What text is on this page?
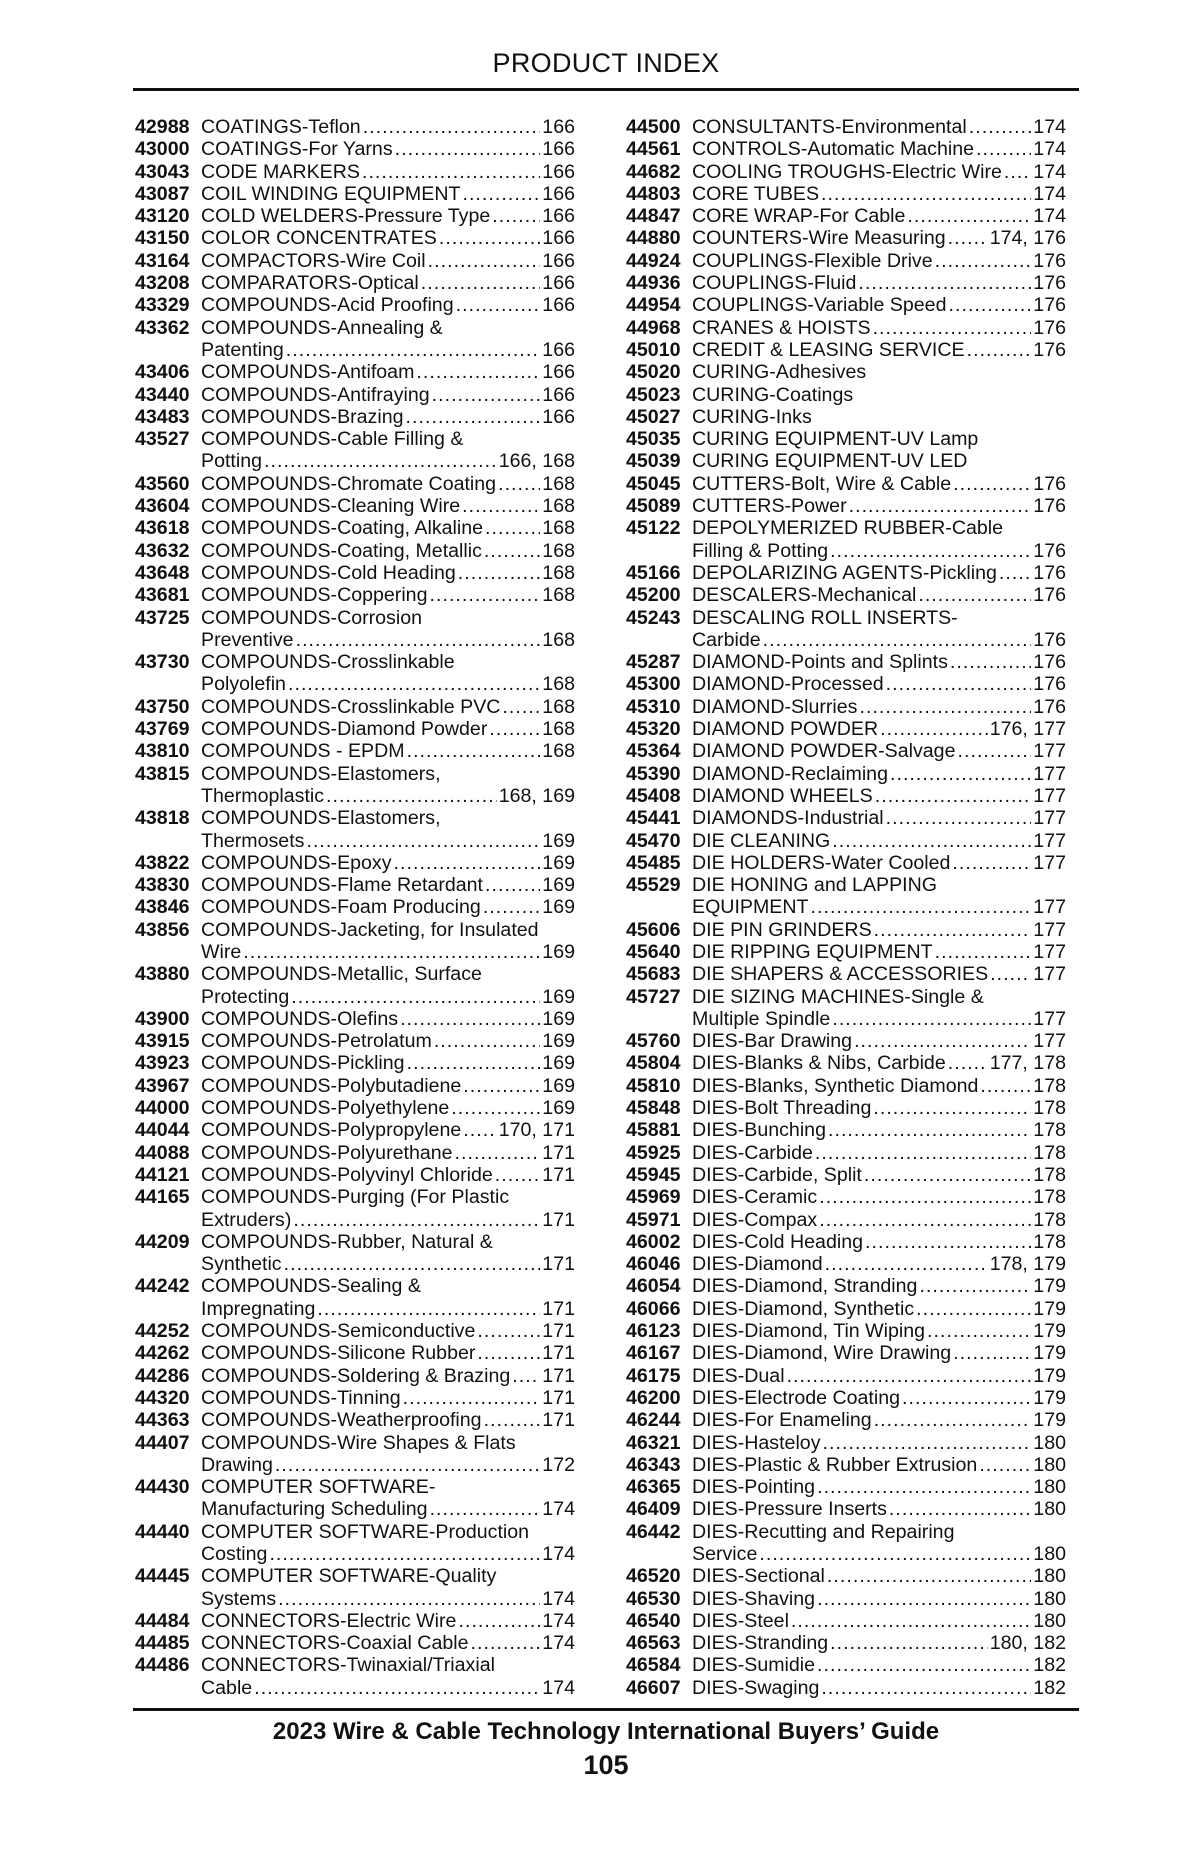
PRODUCT INDEX
42988 COATINGS-Teflon . . .	166
43000 COATINGS-For Yarns . . .	166
43043 CODE MARKERS . . .	166
43087 COIL WINDING EQUIPMENT . . .	166
43120 COLD WELDERS-Pressure Type . . .	166
43150 COLOR CONCENTRATES . . .	166
43164 COMPACTORS-Wire Coil . . .	166
43208 COMPARATORS-Optical . . .	166
43329 COMPOUNDS-Acid Proofing . . .	166
43362 COMPOUNDS-Annealing &
Patenting . . .	166
43406 COMPOUNDS-Antifoam . . .	166
43440 COMPOUNDS-Antifraying . . .	166
43483 COMPOUNDS-Brazing . . .	166
43527 COMPOUNDS-Cable Filling &
Potting . . .	166, 168
43560 COMPOUNDS-Chromate Coating . . . 168
43604 COMPOUNDS-Cleaning Wire . . .	168
43618 COMPOUNDS-Coating, Alkaline . . .	168
43632 COMPOUNDS-Coating, Metallic . . .	168
43648 COMPOUNDS-Cold Heading . . .	168
43681 COMPOUNDS-Coppering . . .	168
43725 COMPOUNDS-Corrosion
Preventive . . .	168
43730 COMPOUNDS-Crosslinkable
Polyolefin . . .	168
43750 COMPOUNDS-Crosslinkable PVC . . . 168
43769 COMPOUNDS-Diamond Powder . . .	168
43810 COMPOUNDS - EPDM . . .	168
43815 COMPOUNDS-Elastomers,
Thermoplastic . . .	168, 169
43818 COMPOUNDS-Elastomers,
Thermosets . . .	169
43822 COMPOUNDS-Epoxy . . .	169
43830 COMPOUNDS-Flame Retardant . . .	169
43846 COMPOUNDS-Foam Producing . . .	169
43856 COMPOUNDS-Jacketing, for Insulated
Wire . . .	169
43880 COMPOUNDS-Metallic, Surface
Protecting . . .	169
43900 COMPOUNDS-Olefins . . .	169
43915 COMPOUNDS-Petrolatum . . .	169
43923 COMPOUNDS-Pickling . . .	169
43967 COMPOUNDS-Polybutadiene . . .	169
44000 COMPOUNDS-Polyethylene . . .	169
44044 COMPOUNDS-Polypropylene . . . 170, 171
44088 COMPOUNDS-Polyurethane . . .	171
44121 COMPOUNDS-Polyvinyl Chloride . . .	171
44165 COMPOUNDS-Purging (For Plastic
Extruders) . . .	171
44209 COMPOUNDS-Rubber, Natural &
Synthetic . . .	171
44242 COMPOUNDS-Sealing &
Impregnating . . .	171
44252 COMPOUNDS-Semiconductive . . .	171
44262 COMPOUNDS-Silicone Rubber . . .	171
44286 COMPOUNDS-Soldering & Brazing . . . 171
44320 COMPOUNDS-Tinning . . .	171
44363 COMPOUNDS-Weatherproofing . . .	171
44407 COMPOUNDS-Wire Shapes & Flats
Drawing . . .	172
44430 COMPUTER SOFTWARE-
Manufacturing Scheduling . . .	174
44440 COMPUTER SOFTWARE-Production
Costing . . .	174
44445 COMPUTER SOFTWARE-Quality
Systems . . .	174
44484 CONNECTORS-Electric Wire . . .	174
44485 CONNECTORS-Coaxial Cable . . .	174
44486 CONNECTORS-Twinaxial/Triaxial
Cable . . .	174
44500 CONSULTANTS-Environmental . . .	174
44561 CONTROLS-Automatic Machine . . .	174
44682 COOLING TROUGHS-Electric Wire . . . 174
44803 CORE TUBES . . .	174
44847 CORE WRAP-For Cable . . .	174
44880 COUNTERS-Wire Measuring . . . 174, 176
44924 COUPLINGS-Flexible Drive . . .	176
44936 COUPLINGS-Fluid . . .	176
44954 COUPLINGS-Variable Speed . . .	176
44968 CRANES & HOISTS . . .	176
45010 CREDIT & LEASING SERVICE . . .	176
45020 CURING-Adhesives
45023 CURING-Coatings
45027 CURING-Inks
45035 CURING EQUIPMENT-UV Lamp
45039 CURING EQUIPMENT-UV LED
45045 CUTTERS-Bolt, Wire & Cable . . .	176
45089 CUTTERS-Power . . .	176
45122 DEPOLYMERIZED RUBBER-Cable
Filling & Potting . . .	176
45166 DEPOLARIZING AGENTS-Pickling . . . 176
45200 DESCALERS-Mechanical . . .	176
45243 DESCALING ROLL INSERTS-
Carbide . . .	176
45287 DIAMOND-Points and Splints . . .	176
45300 DIAMOND-Processed . . .	176
45310 DIAMOND-Slurries . . .	176
45320 DIAMOND POWDER . . .	176, 177
45364 DIAMOND POWDER-Salvage . . .	177
45390 DIAMOND-Reclaiming . . .	177
45408 DIAMOND WHEELS . . .	177
45441 DIAMONDS-Industrial . . .	177
45470 DIE CLEANING . . .	177
45485 DIE HOLDERS-Water Cooled . . .	177
45529 DIE HONING and LAPPING
EQUIPMENT . . .	177
45606 DIE PIN GRINDERS . . .	177
45640 DIE RIPPING EQUIPMENT . . .	177
45683 DIE SHAPERS & ACCESSORIES . . . 177
45727 DIE SIZING MACHINES-Single &
Multiple Spindle . . .	177
45760 DIES-Bar Drawing . . .	177
45804 DIES-Blanks & Nibs, Carbide . . . 177, 178
45810 DIES-Blanks, Synthetic Diamond . . .	178
45848 DIES-Bolt Threading . . .	178
45881 DIES-Bunching . . .	178
45925 DIES-Carbide . . .	178
45945 DIES-Carbide, Split . . .	178
45969 DIES-Ceramic . . .	178
45971 DIES-Compax . . .	178
46002 DIES-Cold Heading . . .	178
46046 DIES-Diamond . . .	178, 179
46054 DIES-Diamond, Stranding . . .	179
46066 DIES-Diamond, Synthetic . . .	179
46123 DIES-Diamond, Tin Wiping . . .	179
46167 DIES-Diamond, Wire Drawing . . .	179
46175 DIES-Dual . . .	179
46200 DIES-Electrode Coating . . .	179
46244 DIES-For Enameling . . .	179
46321 DIES-Hasteloy . . .	180
46343 DIES-Plastic & Rubber Extrusion . . .	180
46365 DIES-Pointing . . .	180
46409 DIES-Pressure Inserts . . .	180
46442 DIES-Recutting and Repairing
Service . . .	180
46520 DIES-Sectional . . .	180
46530 DIES-Shaving . . .	180
46540 DIES-Steel . . .	180
46563 DIES-Stranding . . .	180, 182
46584 DIES-Sumidie . . .	182
46607 DIES-Swaging . . .	182
2023 Wire & Cable Technology International Buyers’ Guide
105
